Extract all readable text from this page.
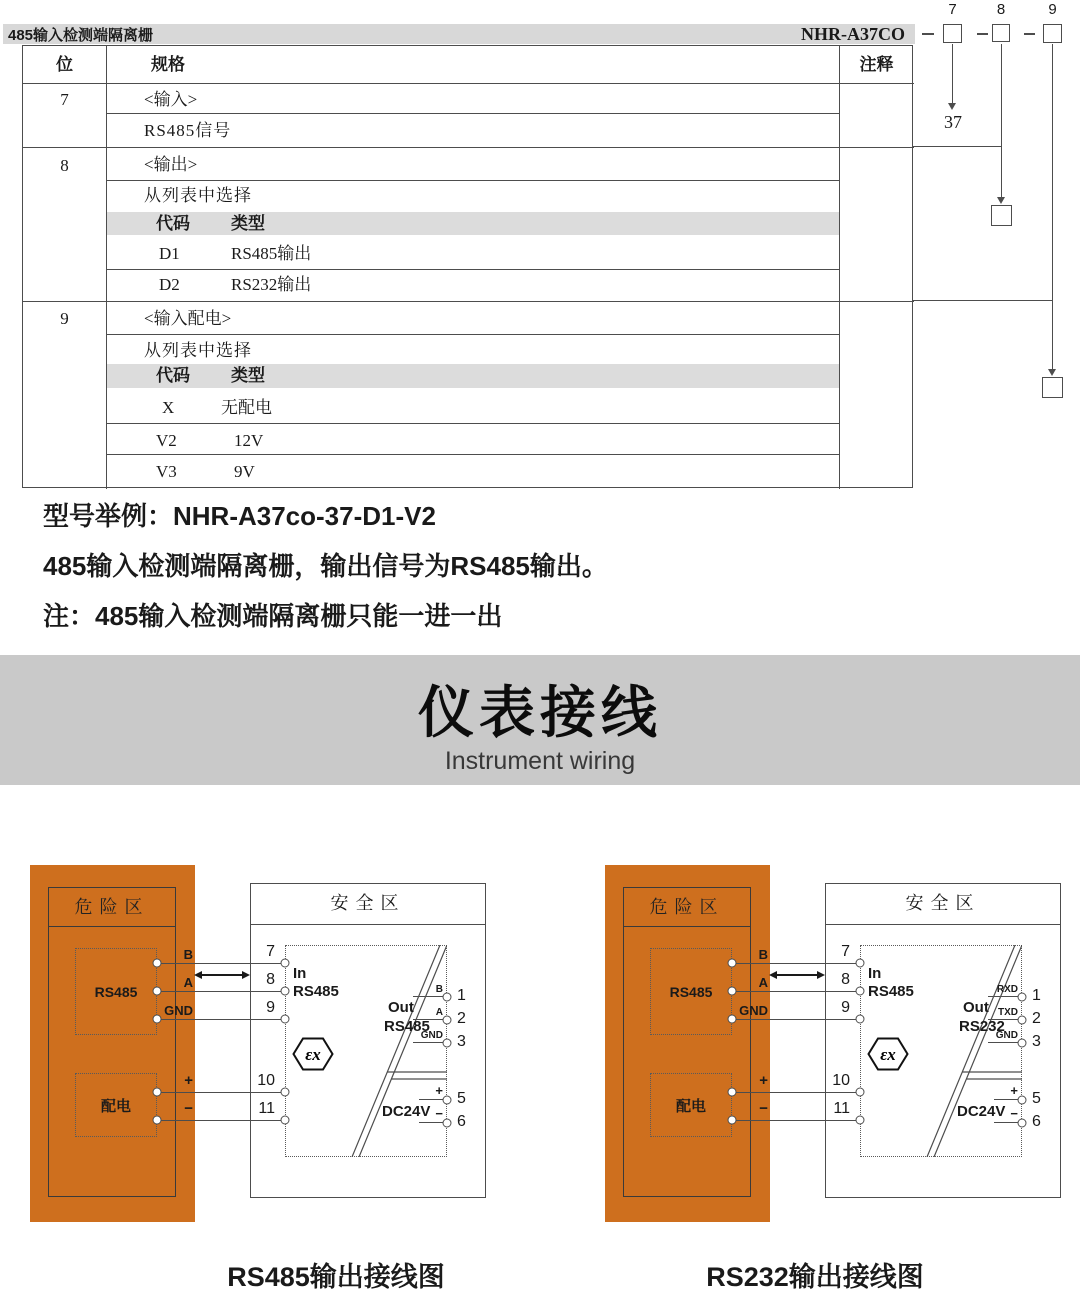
485输入检测端隔离栅	NHR-A37CO
7	8	9
37
位	规格	注释
7	<输入>
RS485信号
8	<输出>
从列表中选择
代码 类型
D1	RS485输出
D2	RS232输出
9	<输入配电>
从列表中选择
代码 类型
X	无配电
V2	12V
V3	9V
型号举例：NHR-A37co-37-D1-V2
485输入检测端隔离栅，输出信号为RS485输出。
注：485输入检测端隔离栅只能一进一出
仪表接线
Instrument wiring
危险区
RS485
配电
B
A
GND
+
−
安全区
7
8
9
10
11
In
RS485
εx
Out
RS485
DC24V
B
A
GND
+
−
1
2
3
5
6
危险区
RS485
配电
B
A
GND
+
−
安全区
7
8
9
10
11
In
RS485
εx
Out
RS232
DC24V
RXD
TXD
GND
+
−
1
2
3
5
6
RS485输出接线图	RS232输出接线图
